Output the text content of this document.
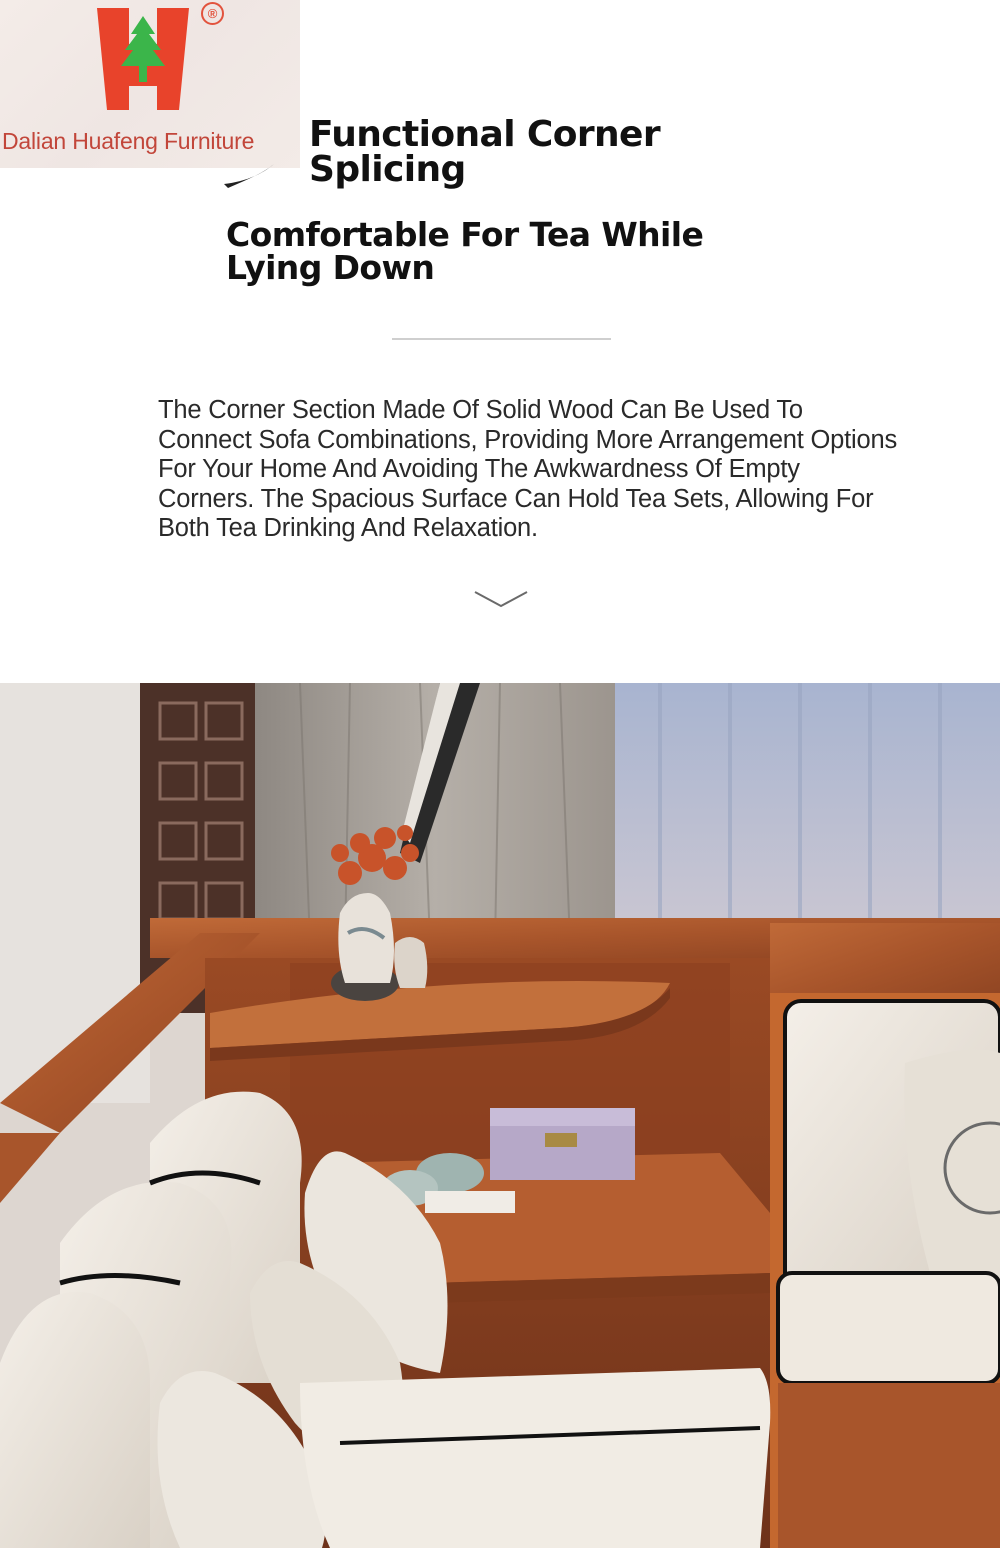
®
Dalian Huafeng Furniture	Functional Corner Splicing
Comfortable For Tea While Lying Down
The Corner Section Made Of Solid Wood Can Be Used To Connect Sofa Combinations, Providing More Arrangement Options For Your Home And Avoiding The Awkwardness Of Empty Corners. The Spacious Surface Can Hold Tea Sets, Allowing For Both Tea Drinking And Relaxation.
